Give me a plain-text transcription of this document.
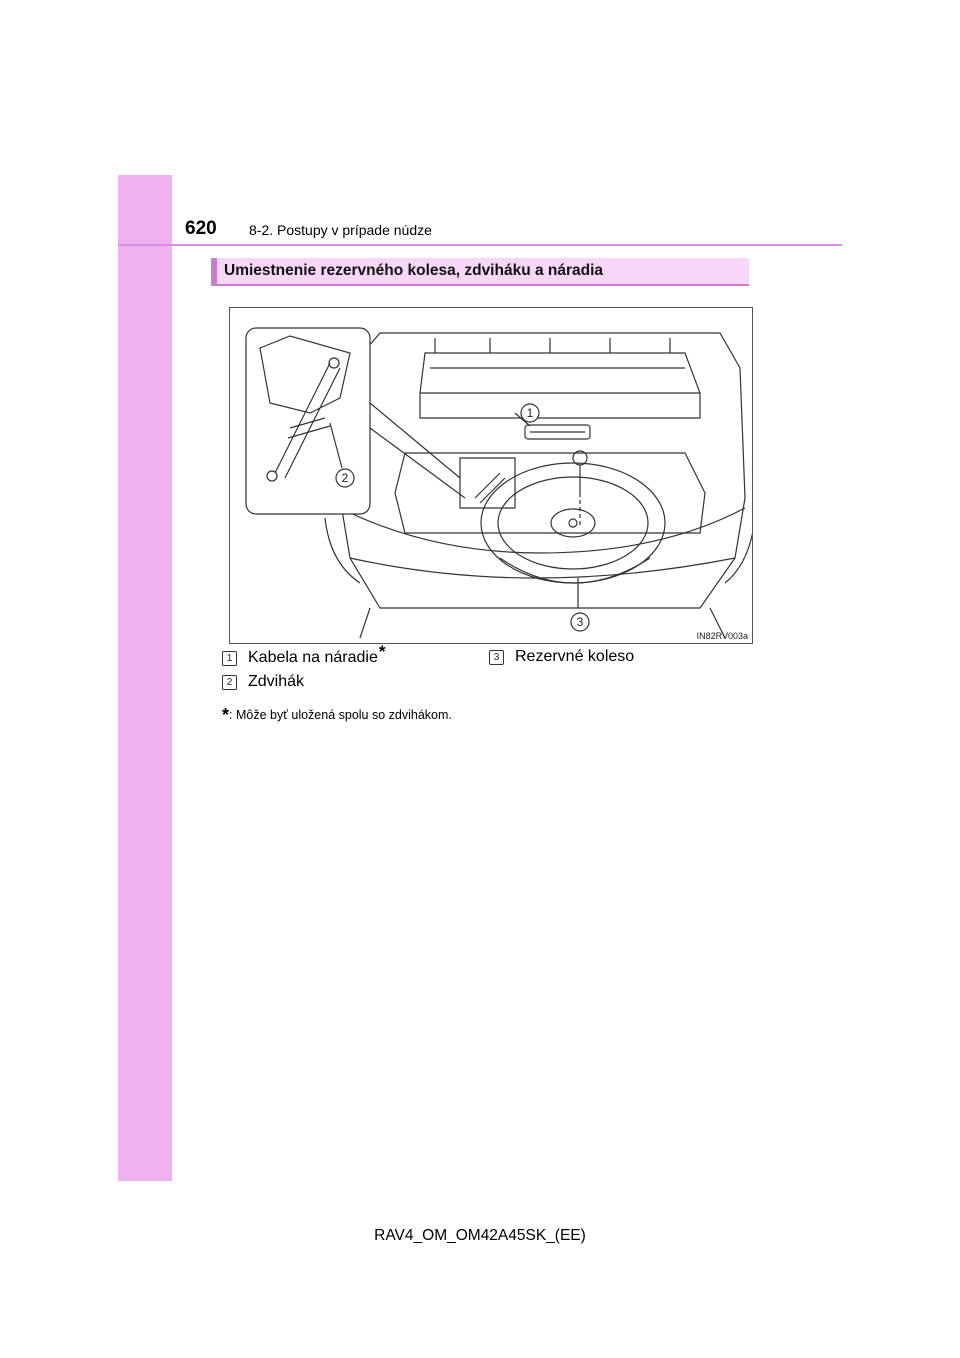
620 8-2. Postupy v prípade núdze
Umiestnenie rezervného kolesa, zdviháku a náradia
1
2
3
IN82RV003a
1 Kabela na náradie *	3 Rezervné koleso
2 Zdvihák
*: Môže byť uložená spolu so zdvihákom.
RAV4_OM_OM42A45SK_(EE)
